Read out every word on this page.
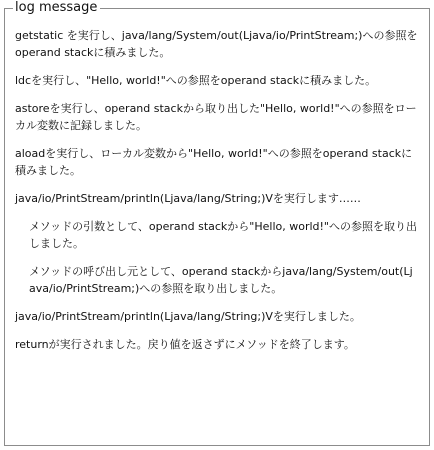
log message

getstatic を実行し、java/lang/System/out(Ljava/io/PrintStream;)への参照をoperand stackに積みました。

ldcを実行し、"Hello, world!"への参照をoperand stackに積みました。

astoreを実行し、operand stackから取り出した"Hello, world!"への参照をローカル変数に記録しました。

aloadを実行し、ローカル変数から"Hello, world!"への参照をoperand stackに積みました。

java/io/PrintStream/println(Ljava/lang/String;)Vを実行します……

メソッドの引数として、operand stackから"Hello, world!"への参照を取り出しました。

メソッドの呼び出し元として、operand stackからjava/lang/System/out(Ljava/io/PrintStream;)への参照を取り出しました。

java/io/PrintStream/println(Ljava/lang/String;)Vを実行しました。

returnが実行されました。戻り値を返さずにメソッドを終了します。
